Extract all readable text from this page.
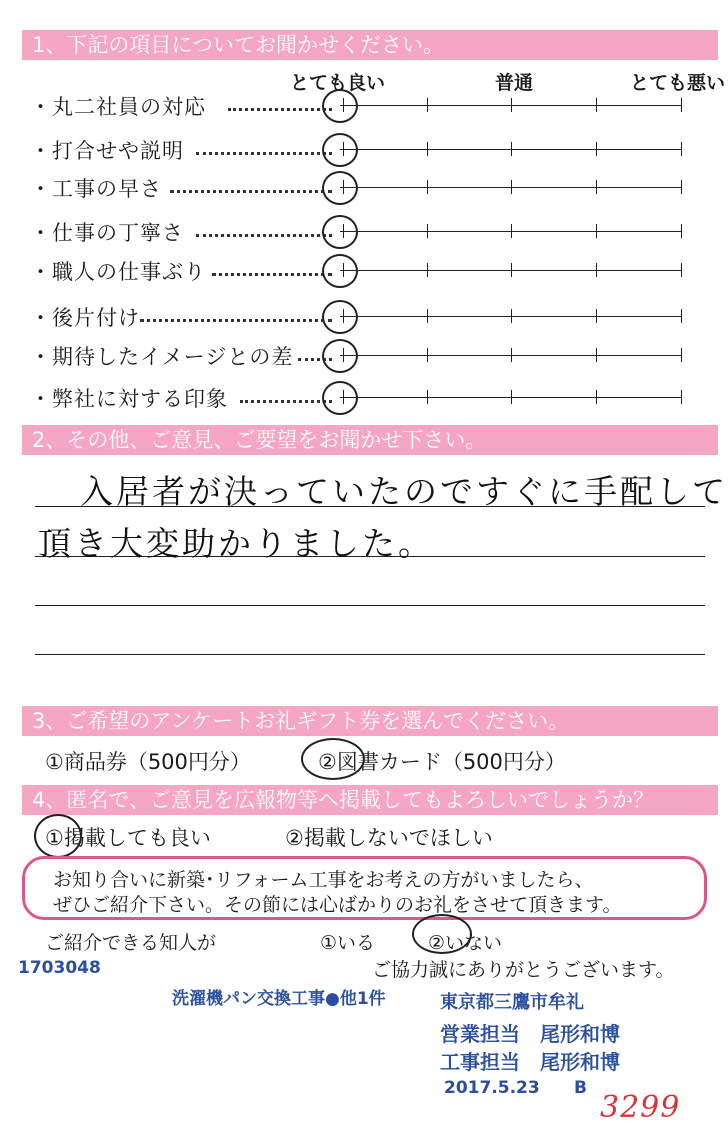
1、下記の項目についてお聞かせください。
とても良い	普通	とても悪い
・丸二社員の対応
・打合せや説明
・工事の早さ
・仕事の丁寧さ
・職人の仕事ぶり
・後片付け
・期待したイメージとの差
・弊社に対する印象
2、その他、ご意見、ご要望をお聞かせ下さい。
入居者が決っていたのですぐに手配して
頂き大変助かりました。
3、ご希望のアンケートお礼ギフト券を選んでください。
①商品券（500円分）	②図書カード（500円分）
4、匿名で、ご意見を広報物等へ掲載してもよろしいでしょうか？
①掲載しても良い	②掲載しないでほしい
お知り合いに新築･リフォーム工事をお考えの方がいましたら、
ぜひご紹介下さい。その節には心ばかりのお礼をさせて頂きます。
ご紹介できる知人が	①いる	②いない
1703048	ご協力誠にありがとうございます。
洗濯機パン交換工事●他1件	東京都三鷹市牟礼
営業担当　尾形和博
工事担当　尾形和博
2017.5.23 B
3299
